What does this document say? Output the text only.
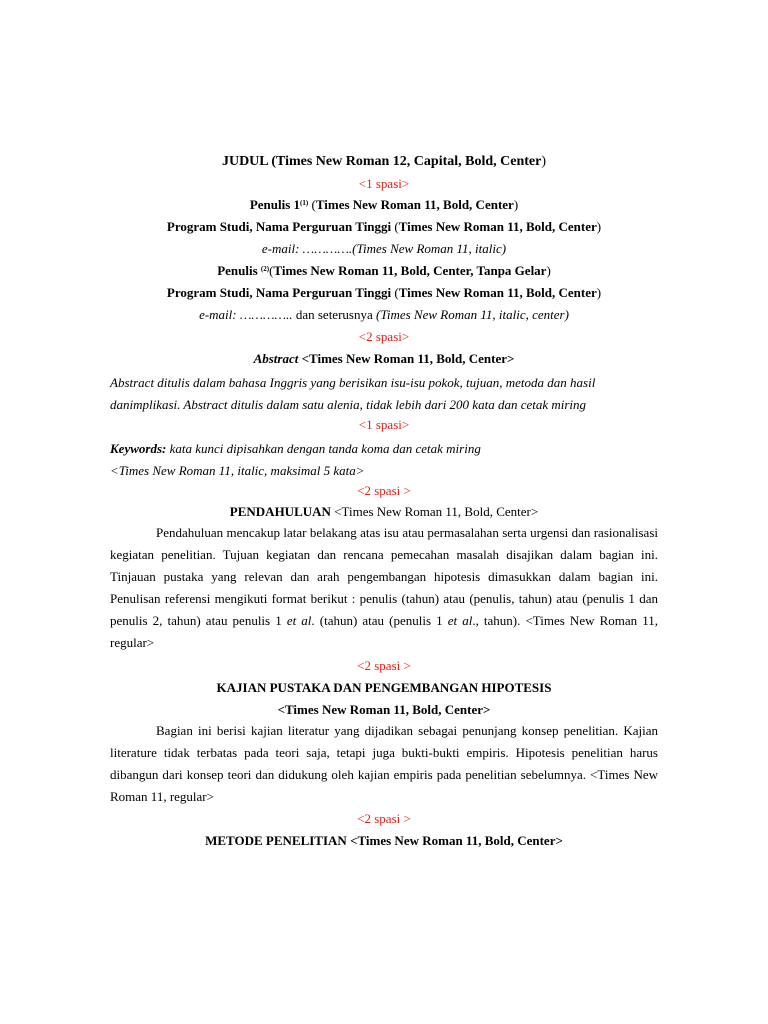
JUDUL (Times New Roman 12, Capital, Bold, Center)
<1 spasi>
Penulis 1$^{(1)}$ (Times New Roman 11, Bold, Center)
Program Studi, Nama Perguruan Tinggi (Times New Roman 11, Bold, Center)
e-mail: ………….(Times New Roman 11, italic)
Penulis $^{(2)}$(Times New Roman 11, Bold, Center, Tanpa Gelar)
Program Studi, Nama Perguruan Tinggi (Times New Roman 11, Bold, Center)
e-mail: ………….. dan seterusnya (Times New Roman 11, italic, center)
<2 spasi>
Abstract <Times New Roman 11, Bold, Center>
Abstract ditulis dalam bahasa Inggris yang berisikan isu-isu pokok, tujuan, metoda dan hasil
danimplikasi. Abstract ditulis dalam satu alenia, tidak lebih dari 200 kata dan cetak miring
<1 spasi>
Keywords: kata kunci dipisahkan dengan tanda koma dan cetak miring
<Times New Roman 11, italic, maksimal 5 kata>
<2 spasi >
PENDAHULUAN <Times New Roman 11, Bold, Center>

Pendahuluan mencakup latar belakang atas isu atau permasalahan serta urgensi dan rasionalisasi kegiatan penelitian. Tujuan kegiatan dan rencana pemecahan masalah disajikan dalam bagian ini. Tinjauan pustaka yang relevan dan arah pengembangan hipotesis dimasukkan dalam bagian ini. Penulisan referensi mengikuti format berikut : penulis (tahun) atau (penulis, tahun) atau (penulis 1 dan penulis 2, tahun) atau penulis 1 et al. (tahun) atau (penulis 1 et al., tahun). <Times New Roman 11, regular>

<2 spasi >
KAJIAN PUSTAKA DAN PENGEMBANGAN HIPOTESIS
<Times New Roman 11, Bold, Center>

Bagian ini berisi kajian literatur yang dijadikan sebagai penunjang konsep penelitian. Kajian literature tidak terbatas pada teori saja, tetapi juga bukti-bukti empiris. Hipotesis penelitian harus dibangun dari konsep teori dan didukung oleh kajian empiris pada penelitian sebelumnya. <Times New Roman 11, regular>

<2 spasi >
METODE PENELITIAN <Times New Roman 11, Bold, Center>
